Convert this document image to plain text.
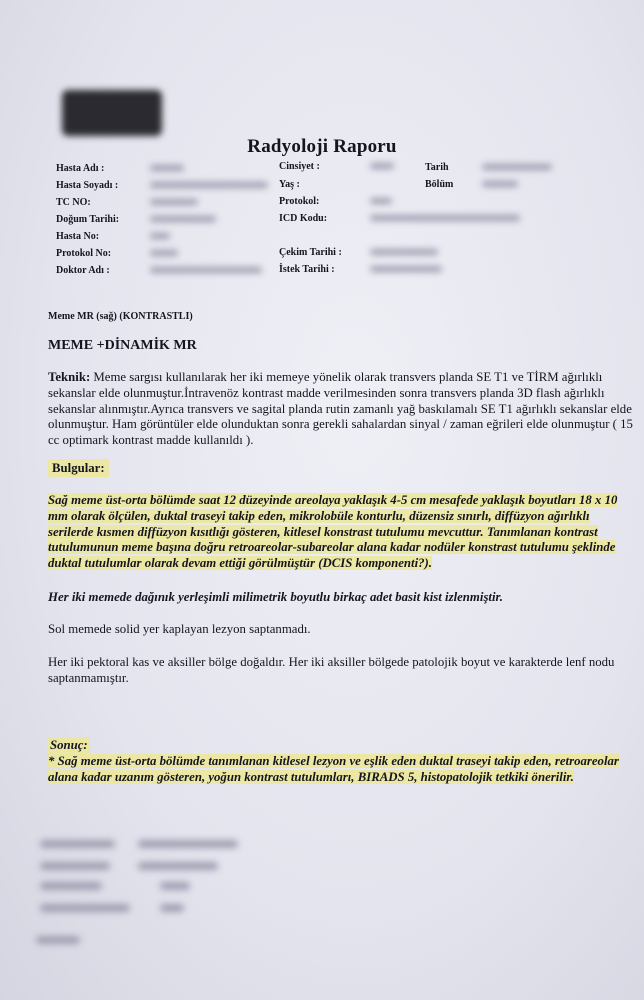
Radyoloji Raporu
Hasta Adı :
Hasta Soyadı :
TC NO:
Doğum Tarihi:
Hasta No:
Protokol No:
Doktor Adı :
Cinsiyet :
Yaş :
Protokol:
ICD Kodu:
Çekim Tarihi :
İstek Tarihi :
Tarih
Bölüm
Meme MR (sağ) (KONTRASTLI)
MEME +DİNAMİK MR
Teknik: Meme sargısı kullanılarak her iki memeye yönelik olarak transvers planda SE T1 ve TİRM ağırlıklı sekanslar elde olunmuştur.İntravenöz kontrast madde verilmesinden sonra transvers planda 3D flash ağırlıklı sekanslar alınmıştır.Ayrıca transvers ve sagital planda rutin zamanlı yağ baskılamalı SE T1 ağırlıklı sekanslar elde olunmuştur. Ham görüntüler elde olunduktan sonra gerekli sahalardan sinyal / zaman eğrileri elde olunmuştur ( 15 cc optimark kontrast madde kullanıldı ).
Bulgular:
Sağ meme üst-orta bölümde saat 12 düzeyinde areolaya yaklaşık 4-5 cm mesafede yaklaşık boyutları 18 x 10 mm olarak ölçülen, duktal traseyi takip eden, mikrolobüle konturlu, düzensiz sınırlı, diffüzyon ağırlıklı serilerde kısmen diffüzyon kısıtlığı gösteren, kitlesel konstrast tutulumu mevcuttur. Tanımlanan kontrast tutulumunun meme başına doğru retroareolar-subareolar alana kadar nodüler konstrast tutulumu şeklinde duktal tutulumlar olarak devam ettiği görülmüştür (DCIS komponenti?).
Her iki memede dağınık yerleşimli milimetrik boyutlu birkaç adet basit kist izlenmiştir.
Sol memede solid yer kaplayan lezyon saptanmadı.
Her iki pektoral kas ve aksiller bölge doğaldır. Her iki aksiller bölgede patolojik boyut ve karakterde lenf nodu saptanmamıştır.
Sonuç:
* Sağ meme üst-orta bölümde tanımlanan kitlesel lezyon ve eşlik eden duktal traseyi takip eden, retroareolar alana kadar uzanım gösteren, yoğun kontrast tutulumları, BIRADS 5, histopatolojik tetkiki önerilir.
